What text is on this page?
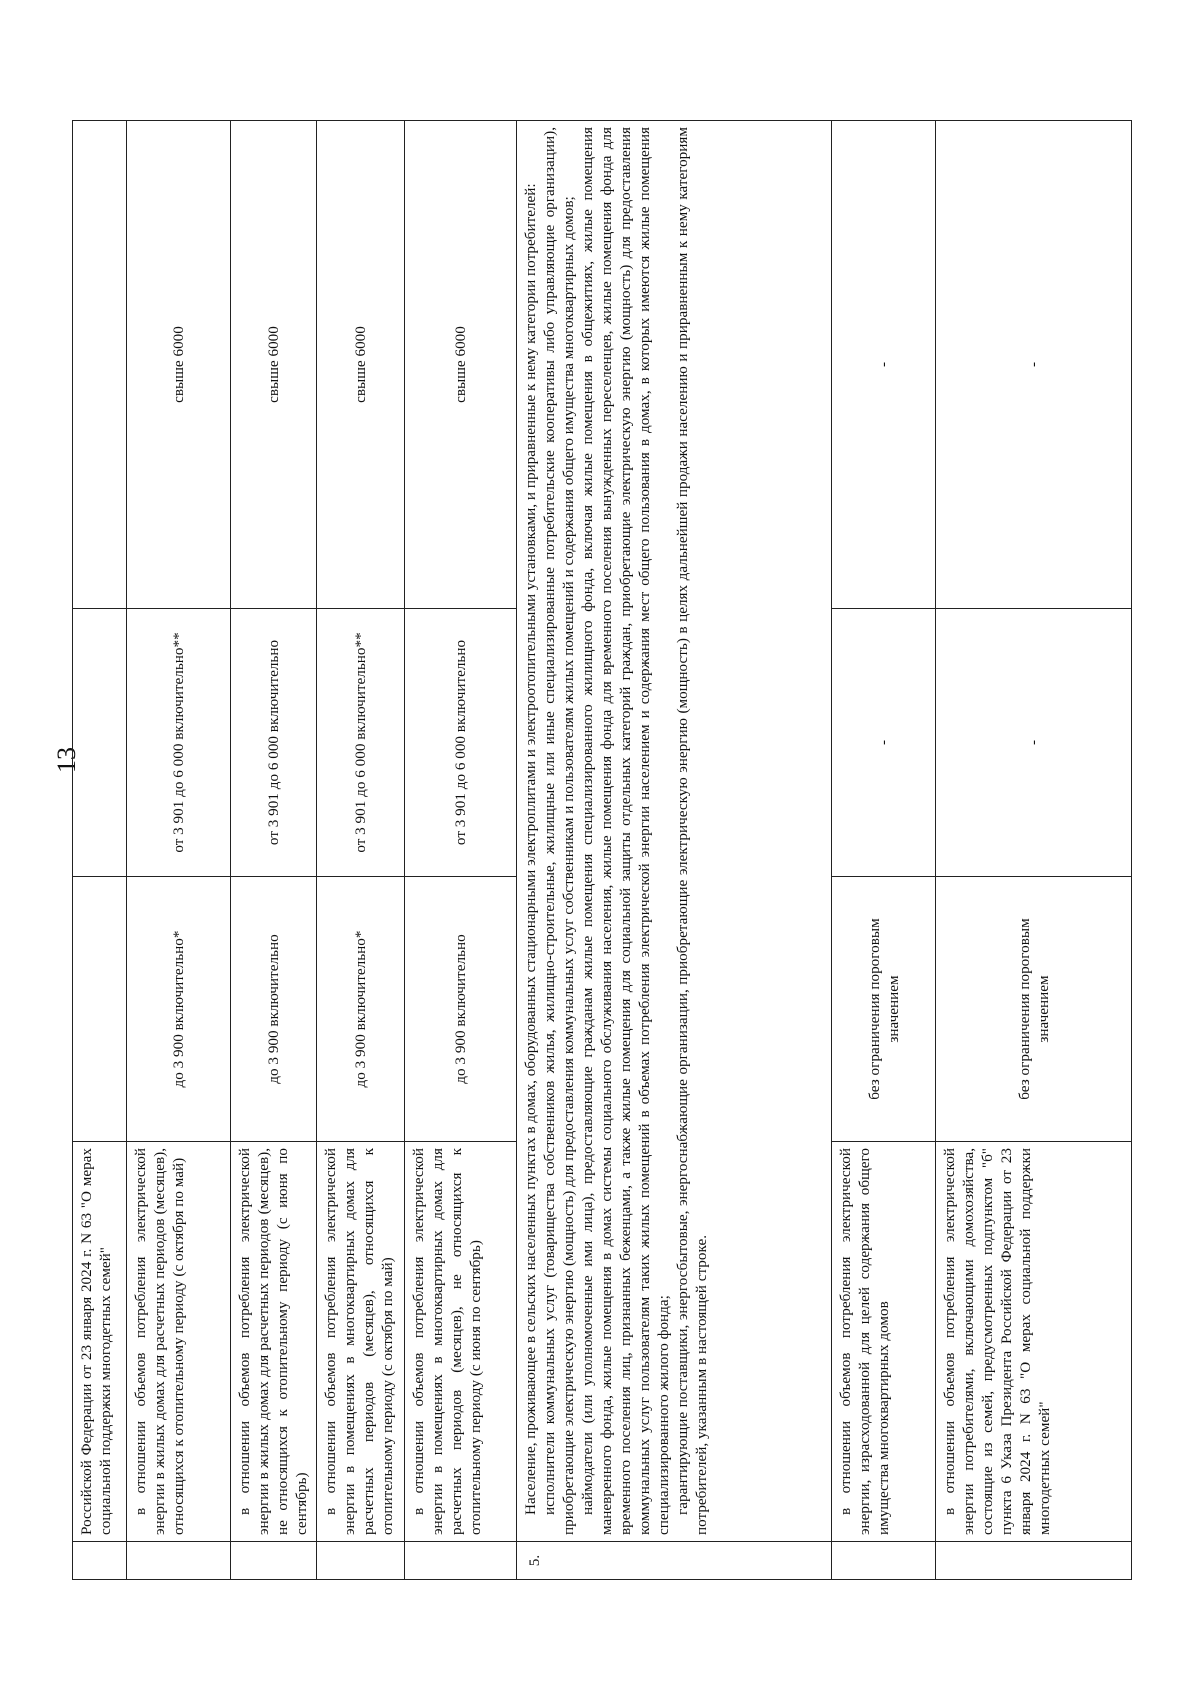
13
	Российской Федерации от 23 января 2024 г. N 63 "О мерах социальной поддержки многодетных семей"			

	в отношении объемов потребления электрической энергии в жилых домах для расчетных периодов (месяцев), относящихся к отопительному периоду (с октября по май)	до 3 900 включительно*	от 3 901 до 6 000 включительно**	свыше 6000

	в отношении объемов потребления электрической энергии в жилых домах для расчетных периодов (месяцев), не относящихся к отопительному периоду (с июня по сентябрь)	до 3 900 включительно	от 3 901 до 6 000 включительно	свыше 6000

	в отношении объемов потребления электрической энергии в помещениях в многоквартирных домах для расчетных периодов (месяцев), относящихся к отопительному периоду (с октября по май)	до 3 900 включительно*	от 3 901 до 6 000 включительно**	свыше 6000

	в отношении объемов потребления электрической энергии в помещениях в многоквартирных домах для расчетных периодов (месяцев), не относящихся к отопительному периоду (с июня по сентябрь)	до 3 900 включительно	от 3 901 до 6 000 включительно	свыше 6000
5.	Население, проживающее в сельских населенных пунктах в домах, оборудованных стационарными электроплитами и электроотопительными установками, и приравненные к нему категории потребителей: исполнители коммунальных услуг (товарищества собственников жилья, жилищно-строительные, жилищные или иные специализированные потребительские кооперативы либо управляющие организации), приобретающие электрическую энергию (мощность) для предоставления коммунальных услуг собственникам и пользователям жилых помещений и содержания общего имущества многоквартирных домов; наймодатели (или уполномоченные ими лица), предоставляющие гражданам жилые помещения специализированного жилищного фонда, включая жилые помещения в общежитиях, жилые помещения маневренного фонда, жилые помещения в домах системы социального обслуживания населения, жилые помещения фонда для временного поселения вынужденных переселенцев, жилые помещения фонда для временного поселения лиц, признанных беженцами, а также жилые помещения для социальной защиты отдельных категорий граждан, приобретающие электрическую энергию (мощность) для предоставления коммунальных услуг пользователям таких жилых помещений в объемах потребления электрической энергии населением и содержания мест общего пользования в домах, в которых имеются жилые помещения специализированного жилого фонда; гарантирующие поставщики, энергосбытовые, энергоснабжающие организации, приобретающие электрическую энергию (мощность) в целях дальнейшей продажи населению и приравненным к нему категориям потребителей, указанным в настоящей строке.			

	в отношении объемов потребления электрической энергии, израсходованной для целей содержания общего имущества многоквартирных домов	без ограничения пороговым значением	-	-

	в отношении объемов потребления электрической энергии потребителями, включающими домохозяйства, состоящие из семей, предусмотренных подпунктом "б" пункта 6 Указа Президента Российской Федерации от 23 января 2024 г. N 63 "О мерах социальной поддержки многодетных семей"	без ограничения пороговым значением	-	-
